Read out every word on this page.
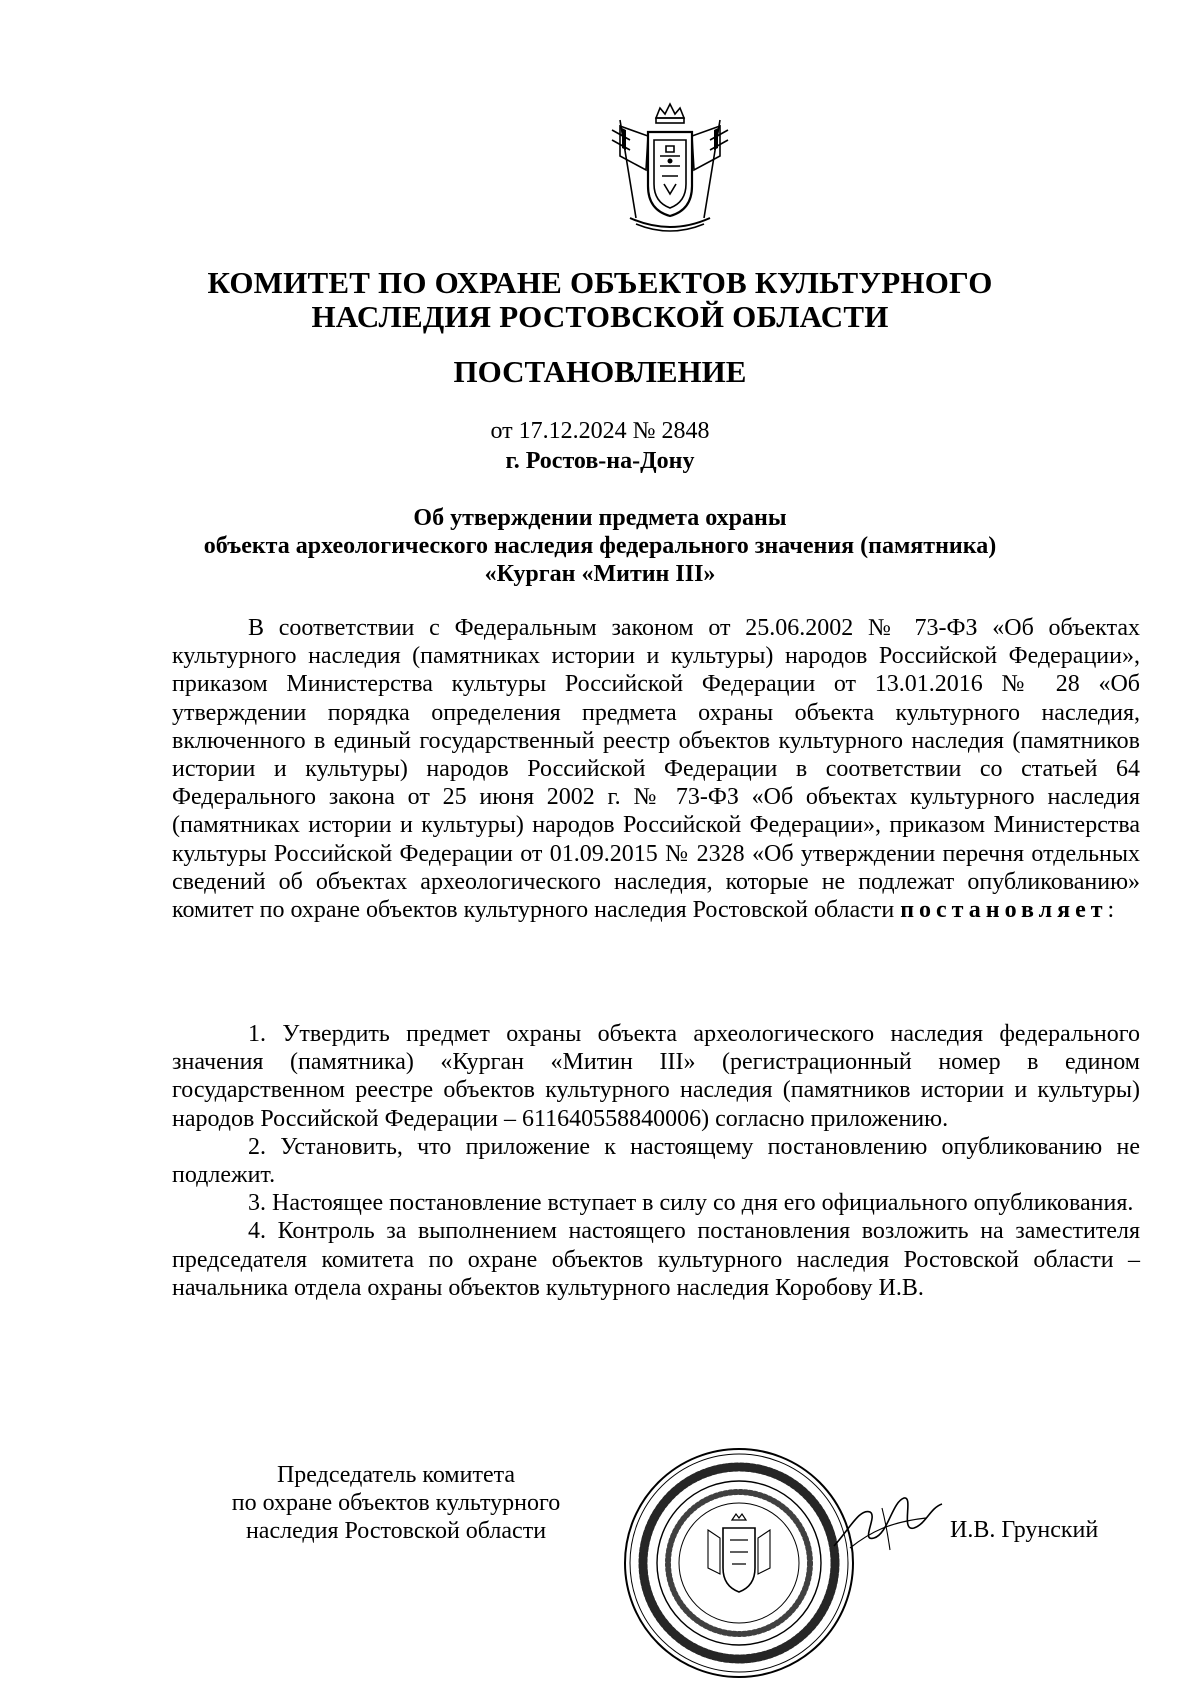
КОМИТЕТ ПО ОХРАНЕ ОБЪЕКТОВ КУЛЬТУРНОГО
НАСЛЕДИЯ РОСТОВСКОЙ ОБЛАСТИ
ПОСТАНОВЛЕНИЕ
от 17.12.2024 № 2848
г. Ростов-на-Дону
Об утверждении предмета охраны
объекта археологического наследия федерального значения (памятника)
«Курган «Митин III»

В соответствии с Федеральным законом от 25.06.2002 № 73-ФЗ «Об объектах культурного наследия (памятниках истории и культуры) народов Российской Федерации», приказом Министерства культуры Российской Федерации от 13.01.2016 № 28 «Об утверждении порядка определения предмета охраны объекта культурного наследия, включенного в единый государственный реестр объектов культурного наследия (памятников истории и культуры) народов Российской Федерации в соответствии со статьей 64 Федерального закона от 25 июня 2002 г. № 73-ФЗ «Об объектах культурного наследия (памятниках истории и культуры) народов Российской Федерации», приказом Министерства культуры Российской Федерации от 01.09.2015 № 2328 «Об утверждении перечня отдельных сведений об объектах археологического наследия, которые не подлежат опубликованию» комитет по охране объектов культурного наследия Ростовской области постановляет:

1. Утвердить предмет охраны объекта археологического наследия федерального значения (памятника) «Курган «Митин III» (регистрационный номер в едином государственном реестре объектов культурного наследия (памятников истории и культуры) народов Российской Федерации – 611640558840006) согласно приложению.

2. Установить, что приложение к настоящему постановлению опубликованию не подлежит.

3. Настоящее постановление вступает в силу со дня его официального опубликования.

4. Контроль за выполнением настоящего постановления возложить на заместителя председателя комитета по охране объектов культурного наследия Ростовской области – начальника отдела охраны объектов культурного наследия Коробову И.В.

Председатель комитета
по охране объектов культурного
наследия Ростовской области	И.В. Грунский
